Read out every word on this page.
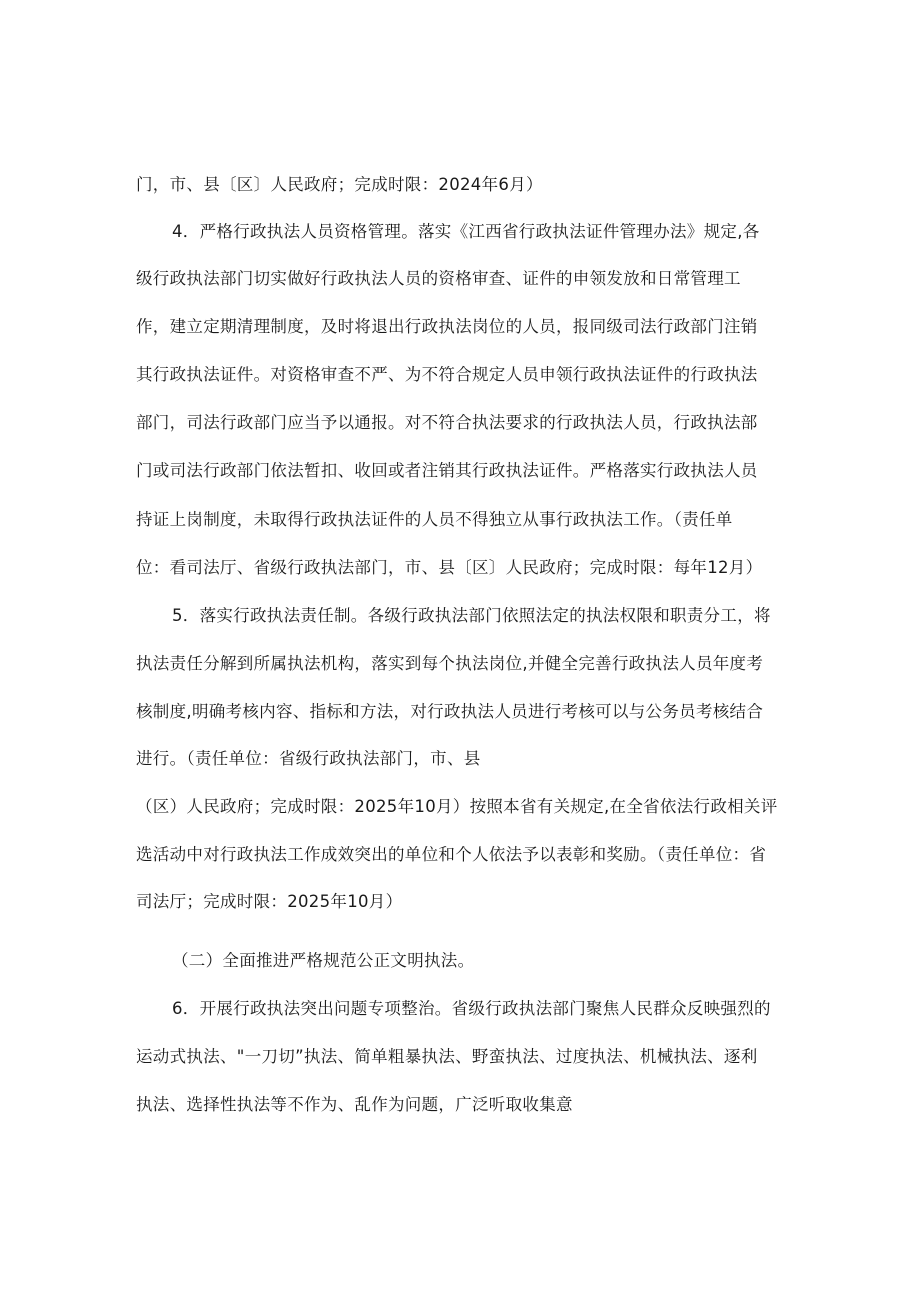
门，市、县〔区〕人民政府；完成时限：2024年6月）
4．严格行政执法人员资格管理。落实《江西省行政执法证件管理办法》规定,各
级行政执法部门切实做好行政执法人员的资格审查、证件的申领发放和日常管理工
作，建立定期清理制度，及时将退出行政执法岗位的人员，报同级司法行政部门注销
其行政执法证件。对资格审查不严、为不符合规定人员申领行政执法证件的行政执法
部门，司法行政部门应当予以通报。对不符合执法要求的行政执法人员，行政执法部
门或司法行政部门依法暂扣、收回或者注销其行政执法证件。严格落实行政执法人员
持证上岗制度，未取得行政执法证件的人员不得独立从事行政执法工作。（责任单
位：看司法厅、省级行政执法部门，市、县〔区〕人民政府；完成时限：每年12月）
5．落实行政执法责任制。各级行政执法部门依照法定的执法权限和职责分工，将
执法责任分解到所属执法机构，落实到每个执法岗位,并健全完善行政执法人员年度考
核制度,明确考核内容、指标和方法，对行政执法人员进行考核可以与公务员考核结合
进行。（责任单位：省级行政执法部门，市、县
（区）人民政府；完成时限：2025年10月）按照本省有关规定,在全省依法行政相关评
选活动中对行政执法工作成效突出的单位和个人依法予以表彰和奖励。（责任单位：省
司法厅；完成时限：2025年10月）
（二）全面推进严格规范公正文明执法。
6．开展行政执法突出问题专项整治。省级行政执法部门聚焦人民群众反映强烈的
运动式执法、"一刀切”执法、简单粗暴执法、野蛮执法、过度执法、机械执法、逐利
执法、选择性执法等不作为、乱作为问题，广泛听取收集意
